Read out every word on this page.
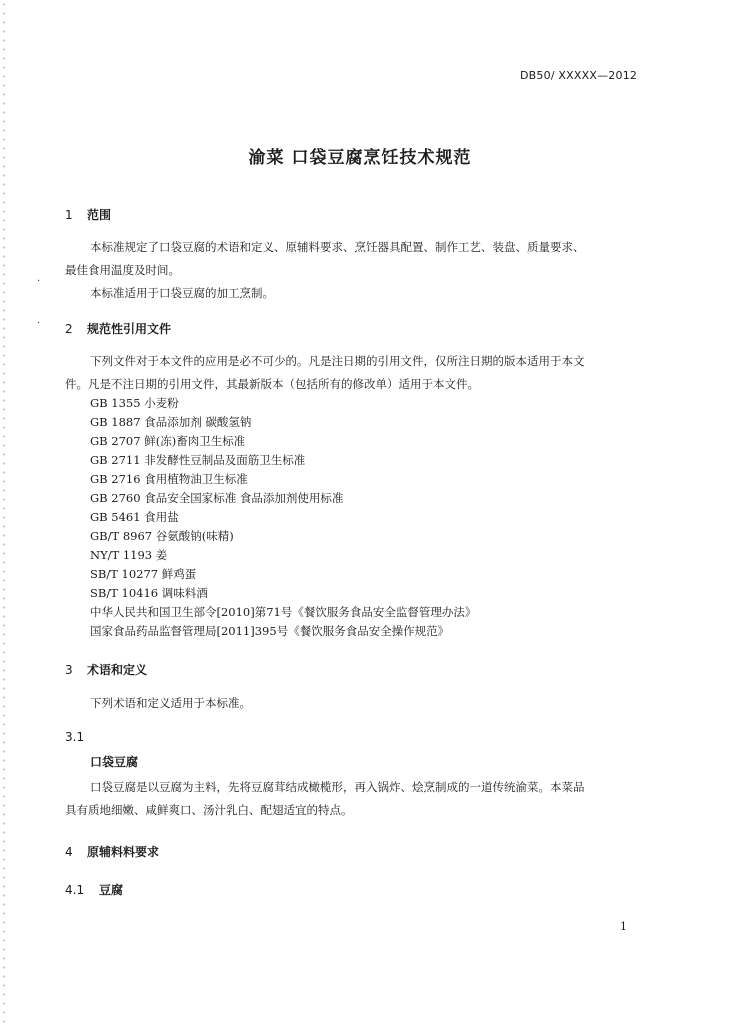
DB50/ XXXXX—2012
渝菜 口袋豆腐烹饪技术规范
1 范围
本标准规定了口袋豆腐的术语和定义、原辅料要求、烹饪器具配置、制作工艺、装盘、质量要求、
最佳食用温度及时间。
本标准适用于口袋豆腐的加工烹制。
2 规范性引用文件
下列文件对于本文件的应用是必不可少的。凡是注日期的引用文件，仅所注日期的版本适用于本文
件。凡是不注日期的引用文件，其最新版本（包括所有的修改单）适用于本文件。
GB 1355 小麦粉
GB 1887 食品添加剂 碳酸氢钠
GB 2707 鲜(冻)畜肉卫生标准
GB 2711 非发酵性豆制品及面筋卫生标准
GB 2716 食用植物油卫生标准
GB 2760 食品安全国家标准 食品添加剂使用标准
GB 5461 食用盐
GB/T 8967 谷氨酸钠(味精)
NY/T 1193 姜
SB/T 10277 鲜鸡蛋
SB/T 10416 调味料酒
中华人民共和国卫生部令[2010]第71号《餐饮服务食品安全监督管理办法》
国家食品药品监督管理局[2011]395号《餐饮服务食品安全操作规范》
3 术语和定义
下列术语和定义适用于本标准。
3.1
口袋豆腐
口袋豆腐是以豆腐为主料，先将豆腐茸结成橄榄形，再入锅炸、烩烹制成的一道传统渝菜。本菜品
具有质地细嫩、咸鲜爽口、汤汁乳白、配翅适宜的特点。
4 原辅料料要求
4.1 豆腐
1
·
·
